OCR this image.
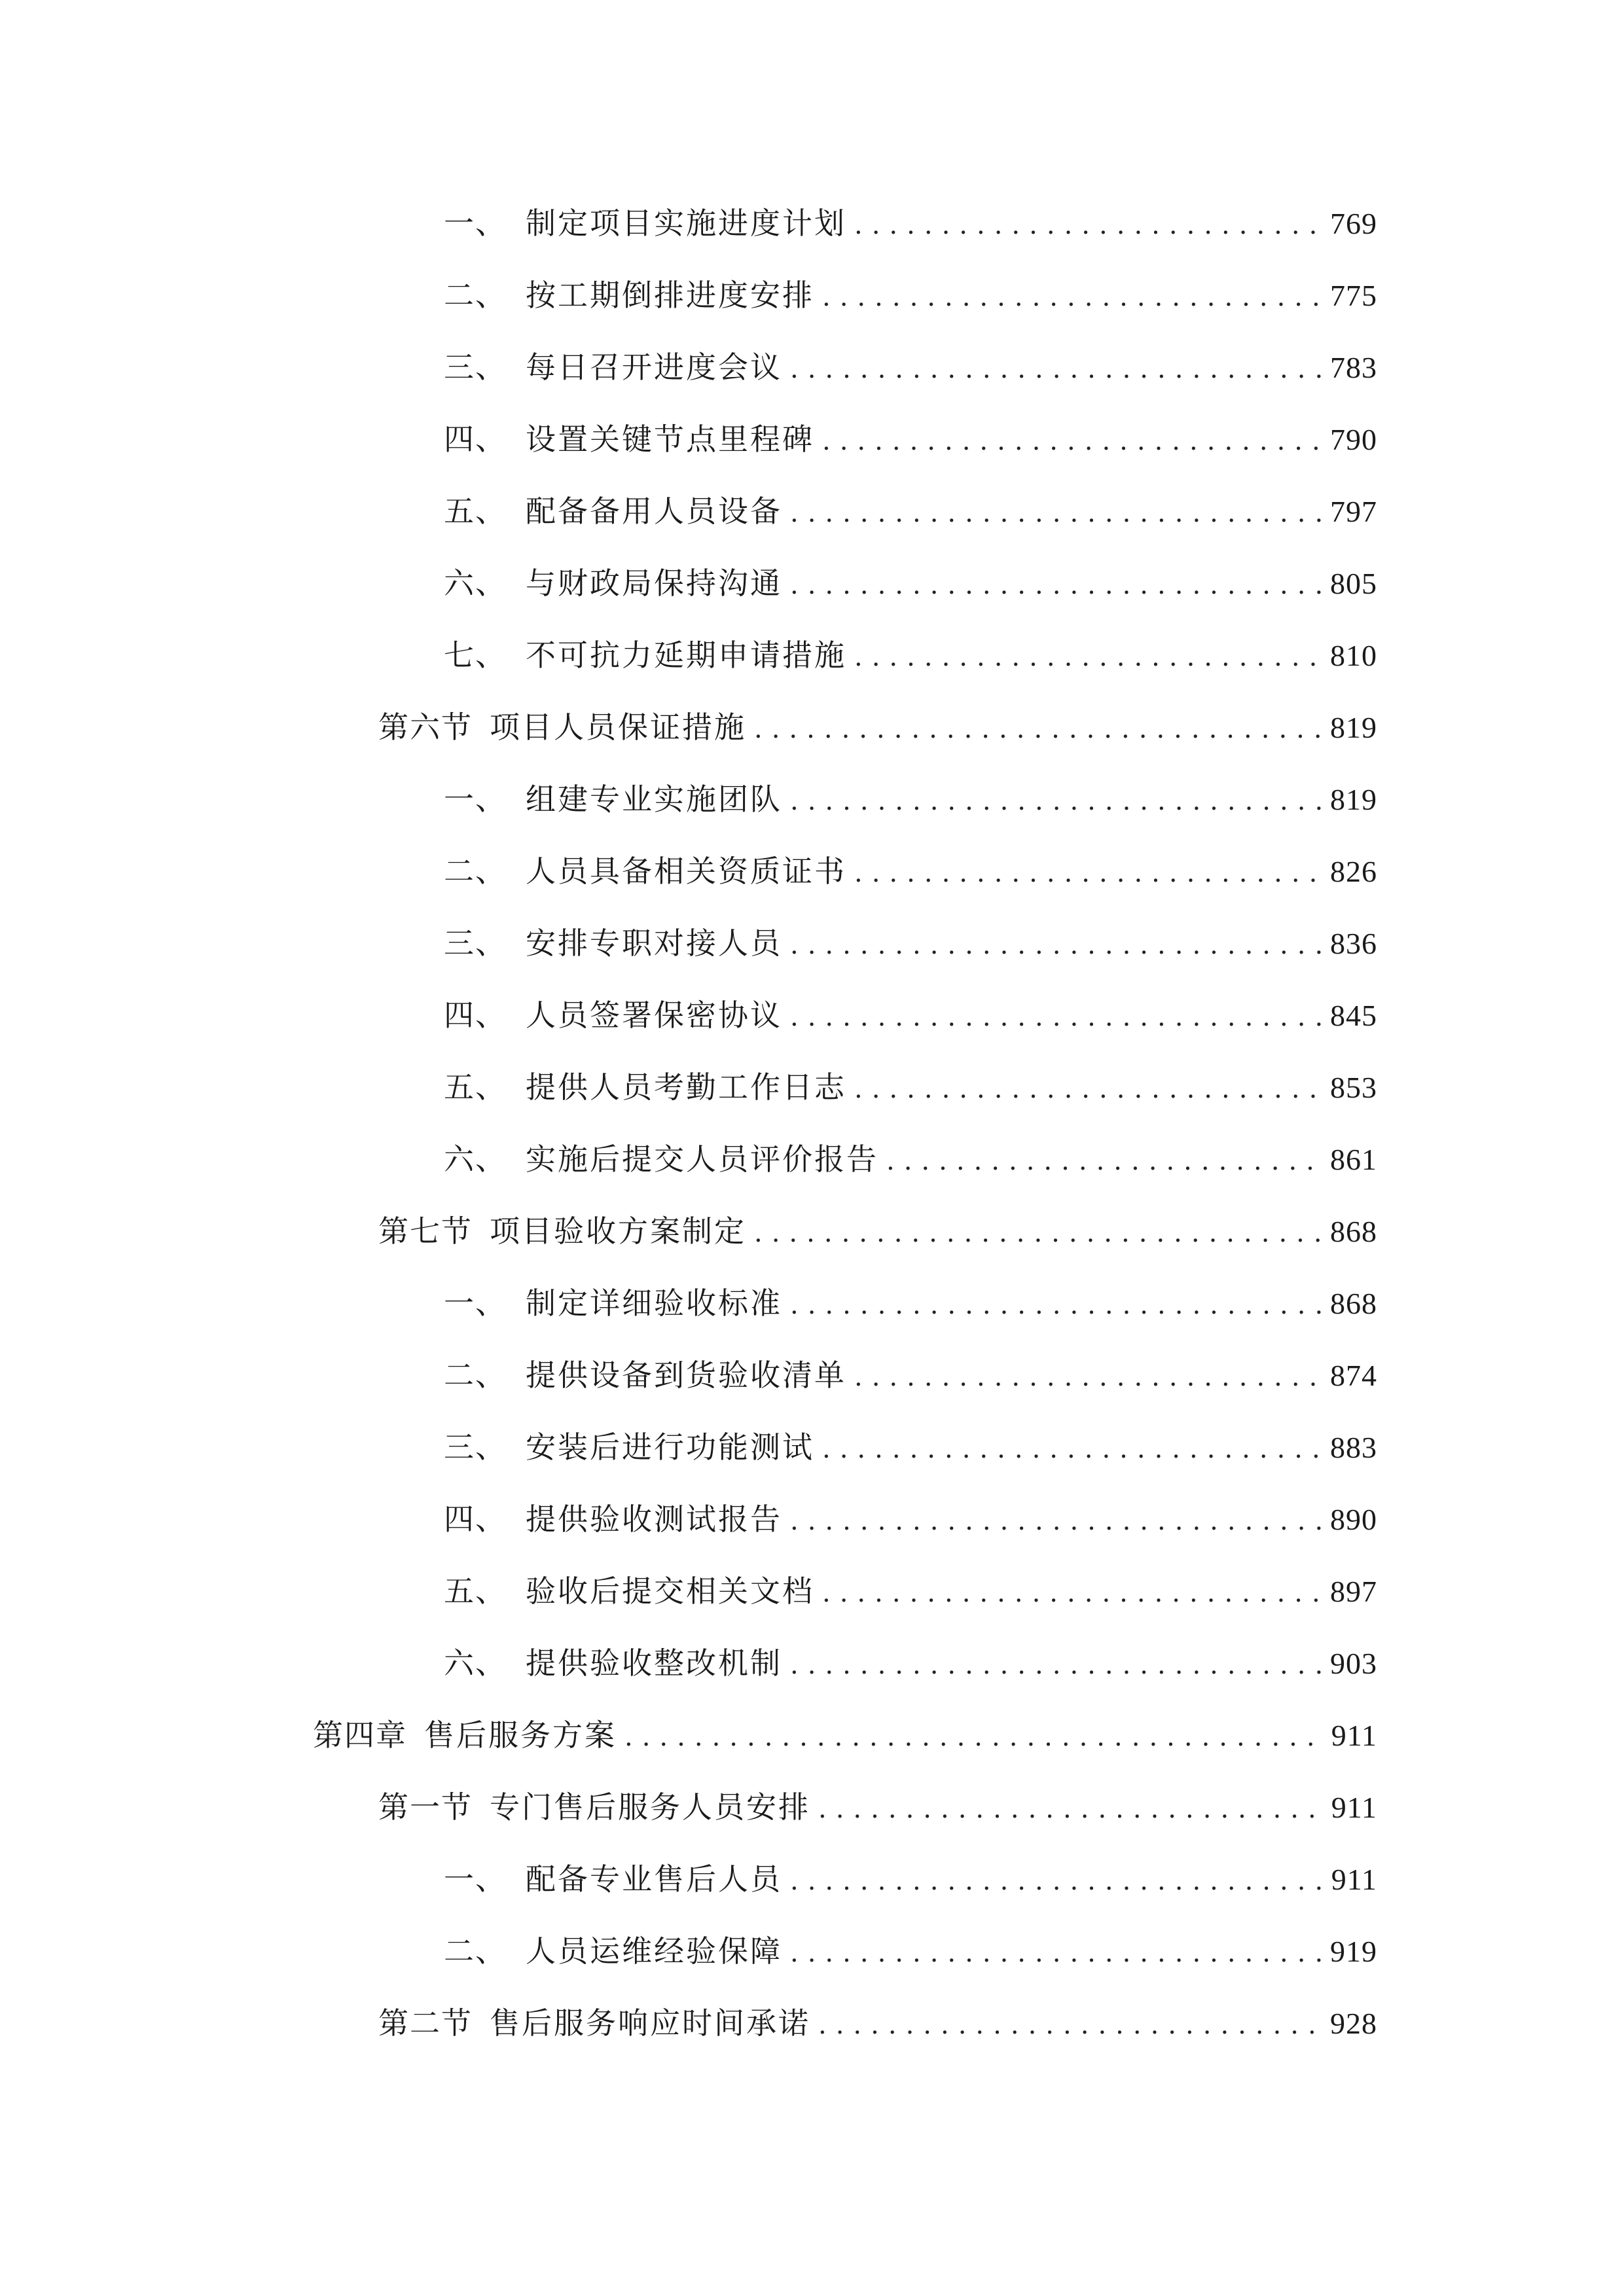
一、 制定项目实施进度计划 .....	769
二、 按工期倒排进度安排 .....	775
三、 每日召开进度会议 .....	783
四、 设置关键节点里程碑 .....	790
五、 配备备用人员设备 .....	797
六、 与财政局保持沟通 .....	805
七、 不可抗力延期申请措施 .....	810
第六节 项目人员保证措施 .....	819
一、 组建专业实施团队 .....	819
二、 人员具备相关资质证书 .....	826
三、 安排专职对接人员 .....	836
四、 人员签署保密协议 .....	845
五、 提供人员考勤工作日志 .....	853
六、 实施后提交人员评价报告 .....	861
第七节 项目验收方案制定 .....	868
一、 制定详细验收标准 .....	868
二、 提供设备到货验收清单 .....	874
三、 安装后进行功能测试 .....	883
四、 提供验收测试报告 .....	890
五、 验收后提交相关文档 .....	897
六、 提供验收整改机制 .....	903
第四章 售后服务方案 .....	911
第一节 专门售后服务人员安排 .....	911
一、 配备专业售后人员 .....	911
二、 人员运维经验保障 .....	919
第二节 售后服务响应时间承诺 .....	928
